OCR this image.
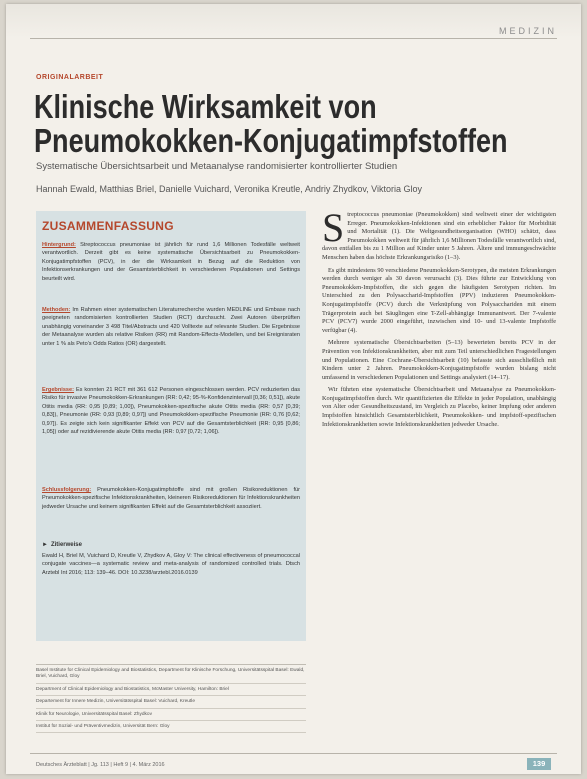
MEDIZIN
ORIGINALARBEIT
Klinische Wirksamkeit von
Pneumokokken-Konjugatimpfstoffen
Systematische Übersichtsarbeit und Metaanalyse randomisierter kontrollierter Studien
Hannah Ewald, Matthias Briel, Danielle Vuichard, Veronika Kreutle, Andriy Zhydkov, Viktoria Gloy
ZUSAMMENFASSUNG

Hintergrund: Streptococcus pneumoniae ist jährlich für rund 1,6 Millionen Todesfälle weltweit verantwortlich. Derzeit gibt es keine systematische Übersichtsarbeit zu Pneumokokken-Konjugatimpfstoffen (PCV), in der die Wirksamkeit in Bezug auf die Reduktion von Infektionserkrankungen und der Gesamtsterblichkeit in verschiedenen Populationen und Settings beurteilt wird.

Methoden: Im Rahmen einer systematischen Literaturrecherche wurden MEDLINE und Embase nach geeigneten randomisierten kontrollierten Studien (RCT) durchsucht. Zwei Autoren überprüften unabhängig voneinander 3 498 Titel/Abstracts und 420 Volltexte auf relevante Studien. Die Ergebnisse der Metaanalyse wurden als relative Risiken (RR) mit Random-Effects-Modellen, und bei Ereignisraten unter 1 % als Peto's Odds Ratios (OR) dargestellt.

Ergebnisse: Es konnten 21 RCT mit 361 612 Personen eingeschlossen werden. PCV reduzierten das Risiko für invasive Pneumokokken-Erkrankungen (RR: 0,42; 95-%-Konfidenzintervall [0,36; 0,51]), akute Otitis media (RR: 0,95 [0,89; 1,00]), Pneumokokken-spezifische akute Otitis media (RR: 0,57 [0,39; 0,83]), Pneumonie (RR: 0,93 [0,89; 0,97]) und Pneumokokken-spezifische Pneumonie (RR: 0,76 [0,62; 0,97]). Es zeigte sich kein signifikanter Effekt von PCV auf die Gesamtsterblichkeit (RR: 0,95 [0,86; 1,05]) oder auf rezidivierende akute Otitis media (RR: 0,97 [0,72; 1,06]).

Schlussfolgerung: Pneumokokken-Konjugatimpfstoffe sind mit großen Risikoreduktionen für Pneumokokken-spezifische Infektionskrankheiten, kleineren Risikoreduktionen für Infektionskrankheiten jedweder Ursache und keinem signifikanten Effekt auf die Gesamtsterblichkeit assoziiert.

► Zitierweise

Ewald H, Briel M, Vuichard D, Kreutle V, Zhydkov A, Gloy V: The clinical effectiveness of pneumococcal conjugate vaccines—a systematic review and meta-analysis of randomized controlled trials. Dtsch Arztebl Int 2016; 113: 139–46. DOI: 10.3238/arztebl.2016.0139

Basel Institute for Clinical Epidemiology and Biostatistics, Department für Klinische Forschung, Universitätsspital Basel: Ewald, Briel, Vuichard, Gloy

Department of Clinical Epidemiology and Biostatistics, McMaster University, Hamilton: Briel

Departement für Innere Medizin, Universitätsspital Basel: Vuichard, Kreutle

Klinik für Neurologie, Universitätsspital Basel: Zhydkov

Institut für Sozial- und Präventivmedizin, Universität Bern: Gloy

Streptococcus pneumoniae (Pneumokokken) sind weltweit einer der wichtigsten Erreger. Pneumokokken-Infektionen sind ein erheblicher Faktor für Morbidität und Mortalität (1). Die Weltgesundheitsorganisation (WHO) schätzt, dass Pneumokokken weltweit für jährlich 1,6 Millionen Todesfälle verantwortlich sind, davon entfallen bis zu 1 Million auf Kinder unter 5 Jahren. Ältere und immungeschwächte Menschen haben das höchste Erkrankungsrisiko (1–3).

Es gibt mindestens 90 verschiedene Pneumokokken-Serotypen, die meisten Erkrankungen werden durch weniger als 30 davon verursacht (3). Dies führte zur Entwicklung von Pneumokokken-Impfstoffen, die sich gegen die häufigsten Serotypen richten. Im Unterschied zu den Polysaccharid-Impfstoffen (PPV) induzieren Pneumokokken-Konjugatimpfstoffe (PCV) durch die Verknüpfung von Polysacchariden mit einem Trägerprotein auch bei Säuglingen eine T-Zell-abhängige Immunantwort. Der 7-valente PCV (PCV7) wurde 2000 eingeführt, inzwischen sind 10- und 13-valente Impfstoffe verfügbar (4).

Mehrere systematische Übersichtsarbeiten (5–13) bewerteten bereits PCV in der Prävention von Infektionskrankheiten, aber mit zum Teil unterschiedlichen Fragestellungen und Populationen. Eine Cochrane-Übersichtsarbeit (10) befasste sich ausschließlich mit Kindern unter 2 Jahren. Pneumokokken-Konjugatimpfstoffe wurden bislang nicht umfassend in verschiedenen Populationen und Settings analysiert (14–17).

Wir führten eine systematische Übersichtsarbeit und Metaanalyse zu Pneumokokken-Konjugatimpfstoffen durch. Wir quantifizierten die Effekte in jeder Population, unabhängig von Alter oder Gesundheitszustand, im Vergleich zu Placebo, keiner Impfung oder anderen Impfstoffen hinsichtlich Gesamtsterblichkeit, Pneumokokken- und impfstoff-spezifischen Infektionskrankheiten sowie Infektionskrankheiten jedweder Ursache.

Deutsches Ärzteblatt | Jg. 113 | Heft 9 | 4. März 2016	139
